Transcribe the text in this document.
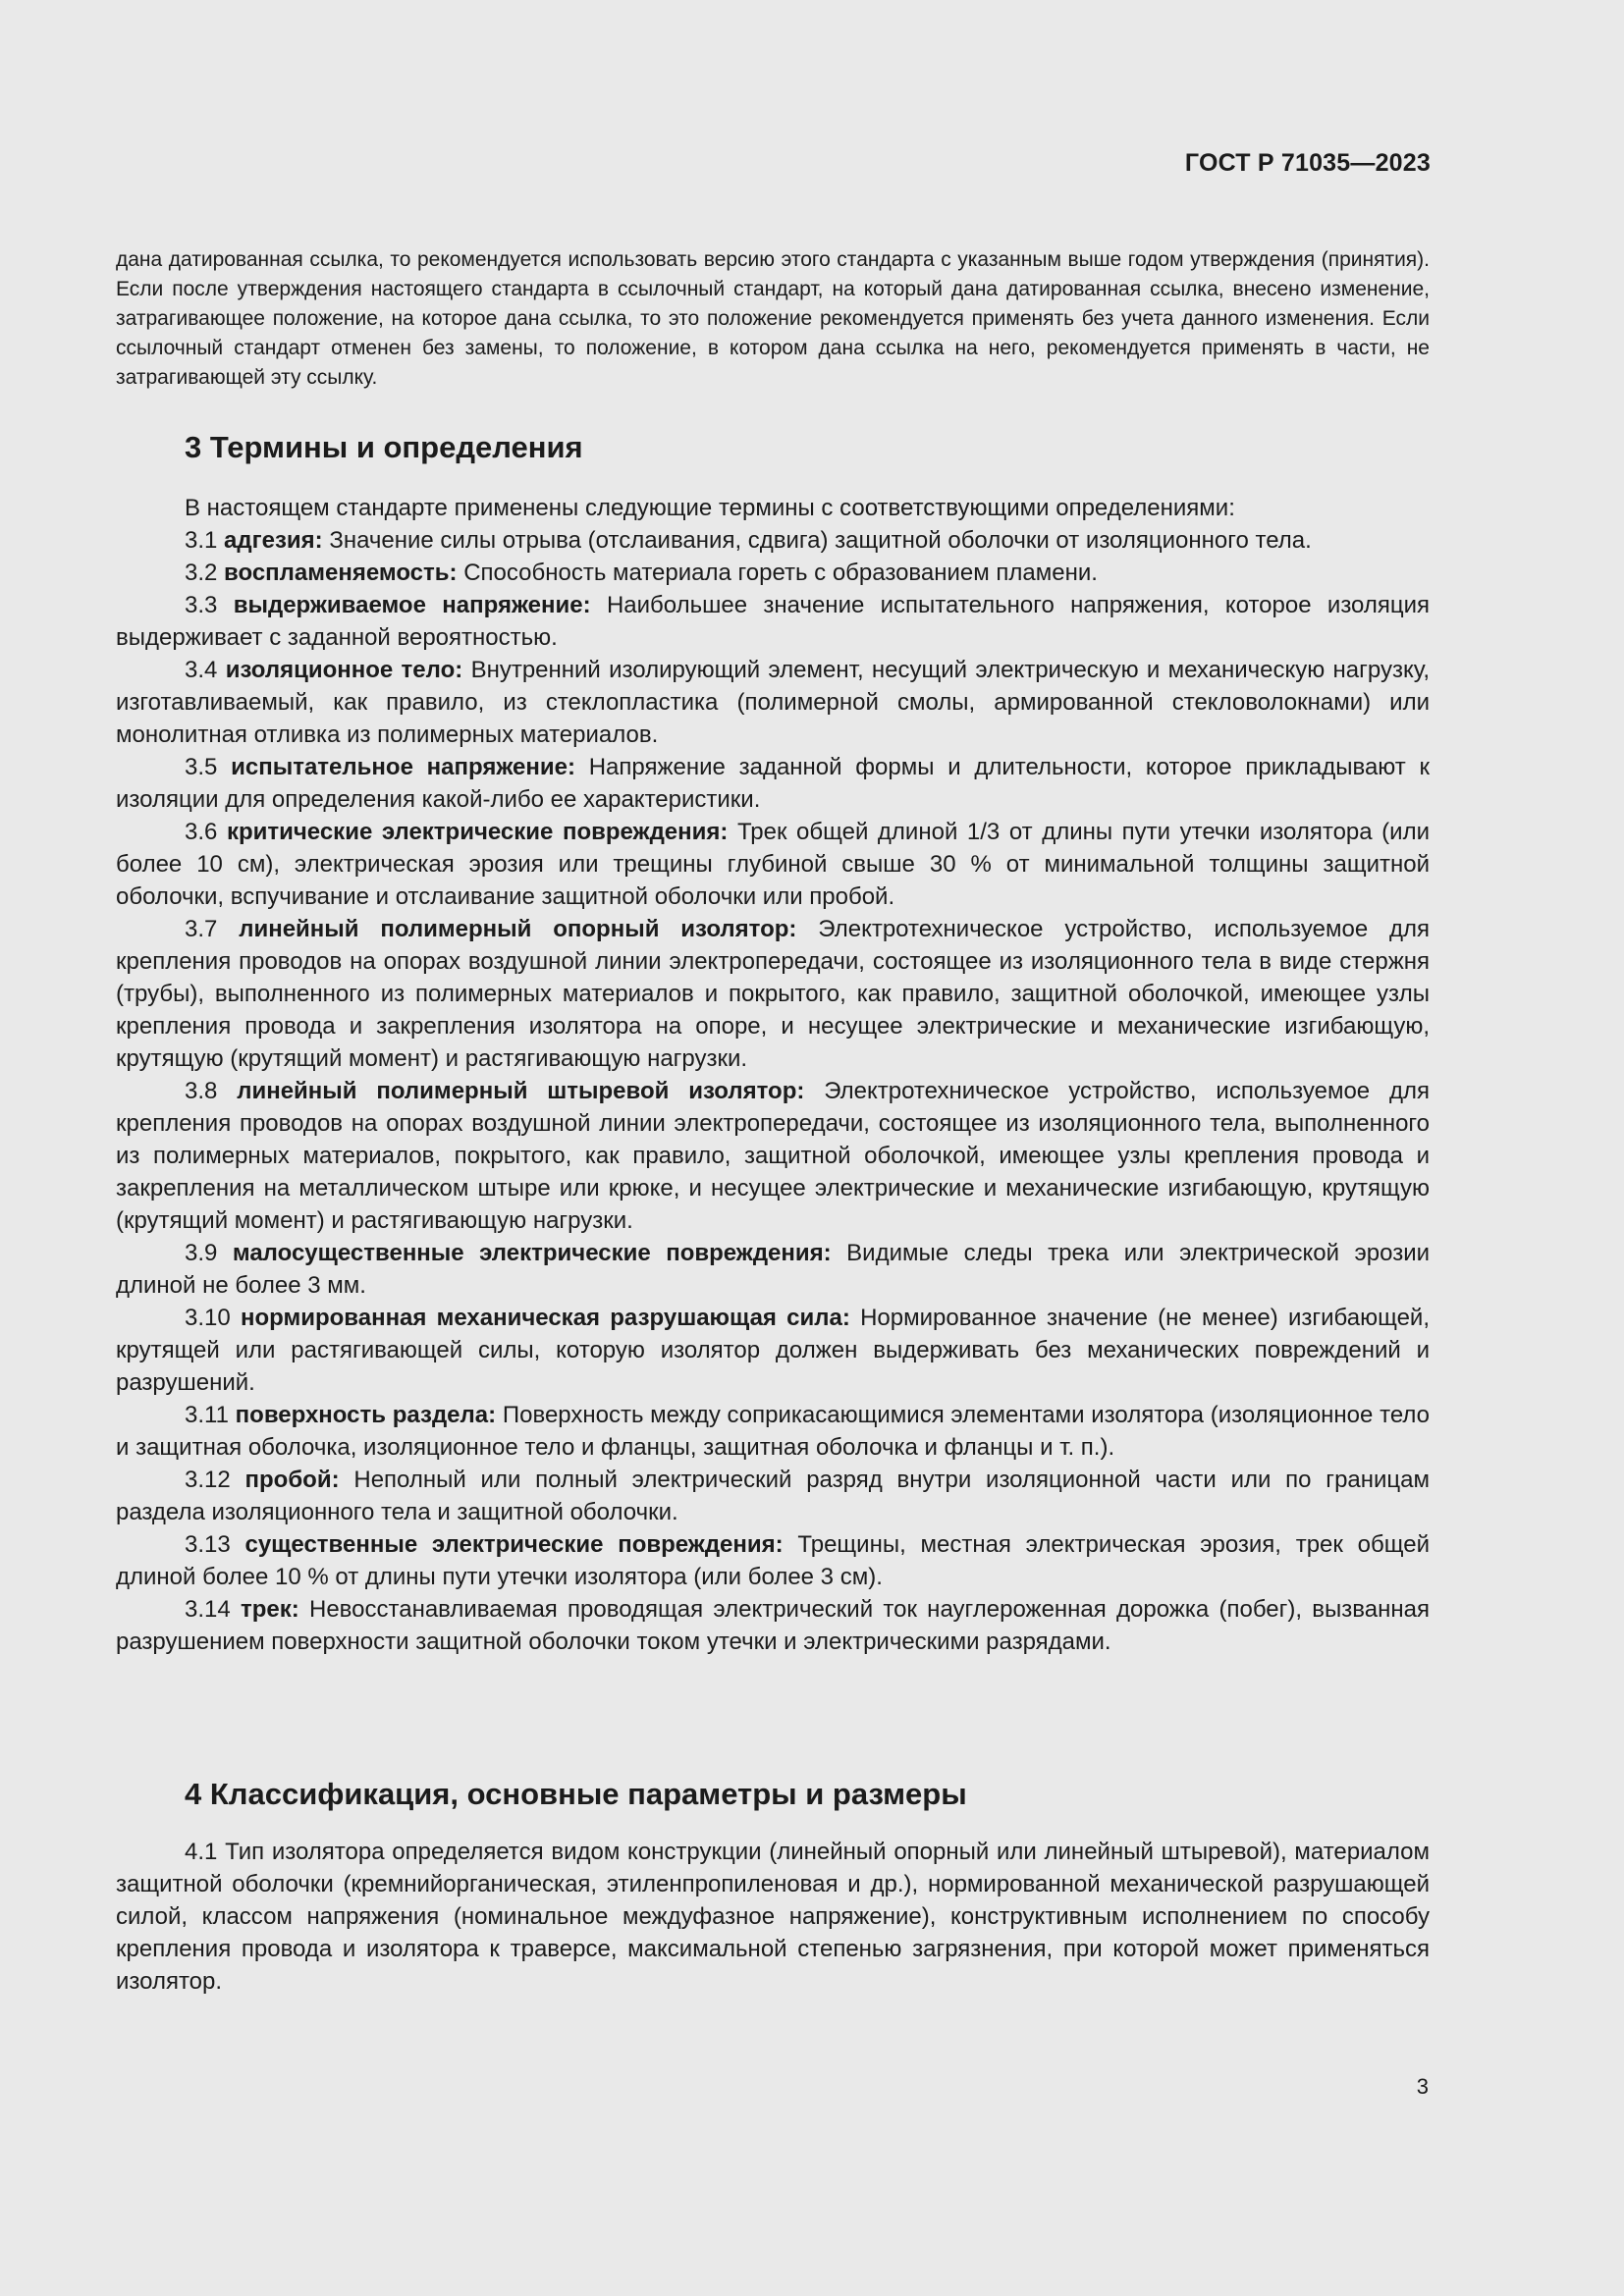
ГОСТ Р 71035—2023

дана датированная ссылка, то рекомендуется использовать версию этого стандарта с указанным выше годом утверждения (принятия). Если после утверждения настоящего стандарта в ссылочный стандарт, на который дана датированная ссылка, внесено изменение, затрагивающее положение, на которое дана ссылка, то это положение рекомендуется применять без учета данного изменения. Если ссылочный стандарт отменен без замены, то положение, в котором дана ссылка на него, рекомендуется применять в части, не затрагивающей эту ссылку.

3 Термины и определения

В настоящем стандарте применены следующие термины с соответствующими определениями:

3.1 адгезия: Значение силы отрыва (отслаивания, сдвига) защитной оболочки от изоляционного тела.

3.2 воспламеняемость: Способность материала гореть с образованием пламени.

3.3 выдерживаемое напряжение: Наибольшее значение испытательного напряжения, которое изоляция выдерживает с заданной вероятностью.

3.4 изоляционное тело: Внутренний изолирующий элемент, несущий электрическую и механическую нагрузку, изготавливаемый, как правило, из стеклопластика (полимерной смолы, армированной стекловолокнами) или монолитная отливка из полимерных материалов.

3.5 испытательное напряжение: Напряжение заданной формы и длительности, которое прикладывают к изоляции для определения какой-либо ее характеристики.

3.6 критические электрические повреждения: Трек общей длиной 1/3 от длины пути утечки изолятора (или более 10 см), электрическая эрозия или трещины глубиной свыше 30 % от минимальной толщины защитной оболочки, вспучивание и отслаивание защитной оболочки или пробой.

3.7 линейный полимерный опорный изолятор: Электротехническое устройство, используемое для крепления проводов на опорах воздушной линии электропередачи, состоящее из изоляционного тела в виде стержня (трубы), выполненного из полимерных материалов и покрытого, как правило, защитной оболочкой, имеющее узлы крепления провода и закрепления изолятора на опоре, и несущее электрические и механические изгибающую, крутящую (крутящий момент) и растягивающую нагрузки.

3.8 линейный полимерный штыревой изолятор: Электротехническое устройство, используемое для крепления проводов на опорах воздушной линии электропередачи, состоящее из изоляционного тела, выполненного из полимерных материалов, покрытого, как правило, защитной оболочкой, имеющее узлы крепления провода и закрепления на металлическом штыре или крюке, и несущее электрические и механические изгибающую, крутящую (крутящий момент) и растягивающую нагрузки.

3.9 малосущественные электрические повреждения: Видимые следы трека или электрической эрозии длиной не более 3 мм.

3.10 нормированная механическая разрушающая сила: Нормированное значение (не менее) изгибающей, крутящей или растягивающей силы, которую изолятор должен выдерживать без механических повреждений и разрушений.

3.11 поверхность раздела: Поверхность между соприкасающимися элементами изолятора (изоляционное тело и защитная оболочка, изоляционное тело и фланцы, защитная оболочка и фланцы и т. п.).

3.12 пробой: Неполный или полный электрический разряд внутри изоляционной части или по границам раздела изоляционного тела и защитной оболочки.

3.13 существенные электрические повреждения: Трещины, местная электрическая эрозия, трек общей длиной более 10 % от длины пути утечки изолятора (или более 3 см).

3.14 трек: Невосстанавливаемая проводящая электрический ток науглероженная дорожка (побег), вызванная разрушением поверхности защитной оболочки током утечки и электрическими разрядами.

4 Классификация, основные параметры и размеры

4.1 Тип изолятора определяется видом конструкции (линейный опорный или линейный штыревой), материалом защитной оболочки (кремнийорганическая, этиленпропиленовая и др.), нормированной механической разрушающей силой, классом напряжения (номинальное междуфазное напряжение), конструктивным исполнением по способу крепления провода и изолятора к траверсе, максимальной степенью загрязнения, при которой может применяться изолятор.

3
